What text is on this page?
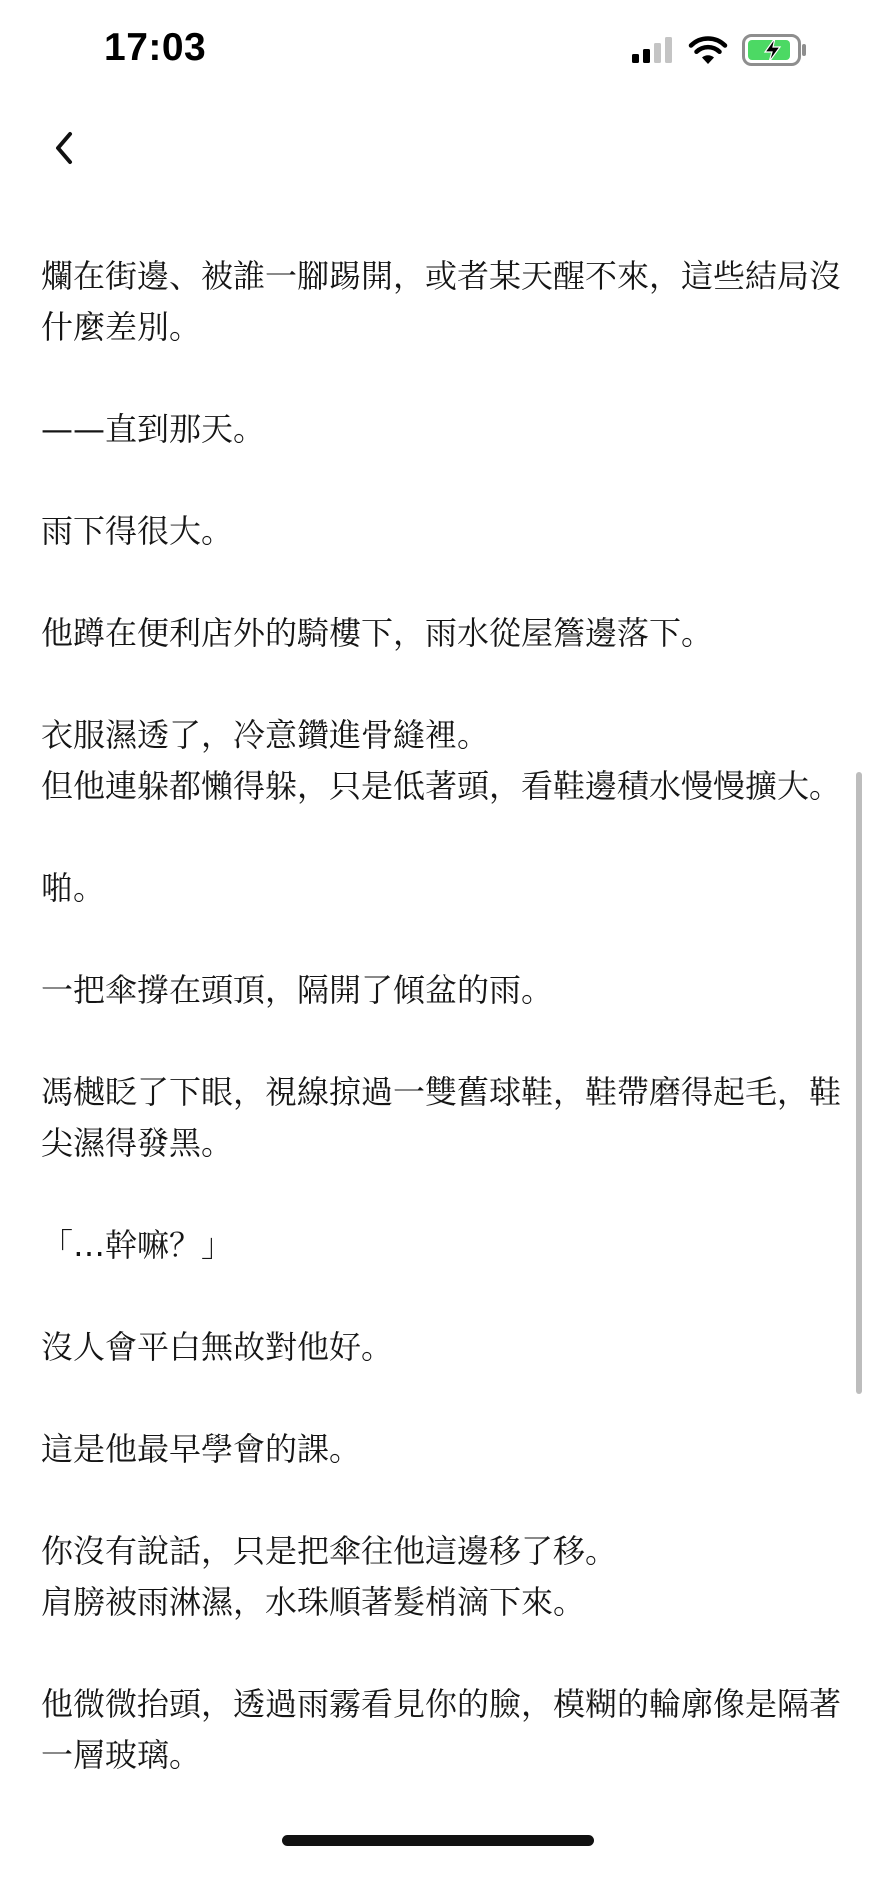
爛在街邊、被誰一腳踢開，或者某天醒不來，這些結局沒什麼差別。

——直到那天。

雨下得很大。

他蹲在便利店外的騎樓下，雨水從屋簷邊落下。

衣服濕透了，冷意鑽進骨縫裡。
但他連躲都懶得躲，只是低著頭，看鞋邊積水慢慢擴大。

啪。

一把傘撐在頭頂，隔開了傾盆的雨。

馮樾眨了下眼，視線掠過一雙舊球鞋，鞋帶磨得起毛，鞋尖濕得發黑。

「…幹嘛？」

沒人會平白無故對他好。

這是他最早學會的課。

你沒有說話，只是把傘往他這邊移了移。
肩膀被雨淋濕，水珠順著髮梢滴下來。

他微微抬頭，透過雨霧看見你的臉，模糊的輪廓像是隔著一層玻璃。

17:03
